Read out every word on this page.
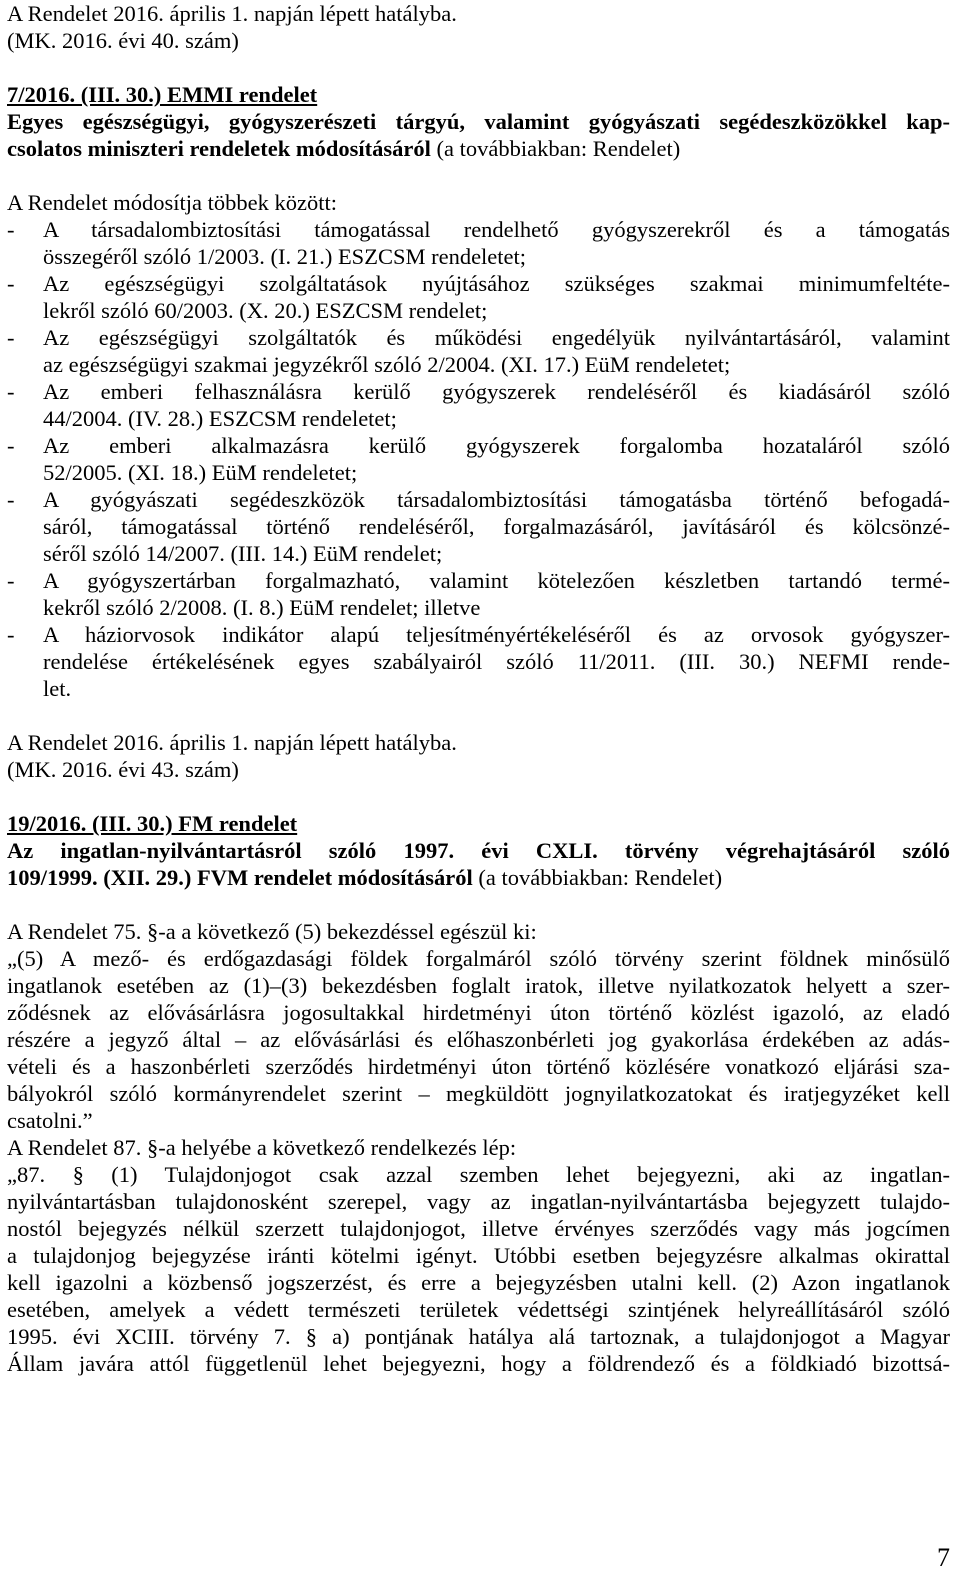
A Rendelet 2016. április 1. napján lépett hatályba.
(MK. 2016. évi 40. szám)
7/2016. (III. 30.) EMMI rendelet
Egyes egészségügyi, gyógyszerészeti tárgyú, valamint gyógyászati segédeszközökkel kap-
csolatos miniszteri rendeletek módosításáról (a továbbiakban: Rendelet)
A Rendelet módosítja többek között:
- A társadalombiztosítási támogatással rendelhető gyógyszerekről és a támogatás
összegéről szóló 1/2003. (I. 21.) ESZCSM rendeletet;
- Az egészségügyi szolgáltatások nyújtásához szükséges szakmai minimumfeltéte-
lekről szóló 60/2003. (X. 20.) ESZCSM rendelet;
- Az egészségügyi szolgáltatók és működési engedélyük nyilvántartásáról, valamint
az egészségügyi szakmai jegyzékről szóló 2/2004. (XI. 17.) EüM rendeletet;
- Az emberi felhasználásra kerülő gyógyszerek rendeléséről és kiadásáról szóló
44/2004. (IV. 28.) ESZCSM rendeletet;
- Az emberi alkalmazásra kerülő gyógyszerek forgalomba hozataláról szóló
52/2005. (XI. 18.) EüM rendeletet;
- A gyógyászati segédeszközök társadalombiztosítási támogatásba történő befogadá-
sáról, támogatással történő rendeléséről, forgalmazásáról, javításáról és kölcsönzé-
séről szóló 14/2007. (III. 14.) EüM rendelet;
- A gyógyszertárban forgalmazható, valamint kötelezően készletben tartandó termé-
kekről szóló 2/2008. (I. 8.) EüM rendelet; illetve
- A háziorvosok indikátor alapú teljesítményértékeléséről és az orvosok gyógyszer-
rendelése értékelésének egyes szabályairól szóló 11/2011. (III. 30.) NEFMI rende-
let.
A Rendelet 2016. április 1. napján lépett hatályba.
(MK. 2016. évi 43. szám)
19/2016. (III. 30.) FM rendelet
Az ingatlan-nyilvántartásról szóló 1997. évi CXLI. törvény végrehajtásáról szóló
109/1999. (XII. 29.) FVM rendelet módosításáról (a továbbiakban: Rendelet)
A Rendelet 75. §-a a következő (5) bekezdéssel egészül ki:
„(5) A mező- és erdőgazdasági földek forgalmáról szóló törvény szerint földnek minősülő
ingatlanok esetében az (1)–(3) bekezdésben foglalt iratok, illetve nyilatkozatok helyett a szer-
ződésnek az elővásárlásra jogosultakkal hirdetményi úton történő közlést igazoló, az eladó
részére a jegyző által – az elővásárlási és előhaszonbérleti jog gyakorlása érdekében az adás-
vételi és a haszonbérleti szerződés hirdetményi úton történő közlésére vonatkozó eljárási sza-
bályokról szóló kormányrendelet szerint – megküldött jognyilatkozatokat és iratjegyzéket kell
csatolni.”
A Rendelet 87. §-a helyébe a következő rendelkezés lép:
„87. § (1) Tulajdonjogot csak azzal szemben lehet bejegyezni, aki az ingatlan-
nyilvántartásban tulajdonosként szerepel, vagy az ingatlan-nyilvántartásba bejegyzett tulajdo-
nostól bejegyzés nélkül szerzett tulajdonjogot, illetve érvényes szerződés vagy más jogcímen
a tulajdonjog bejegyzése iránti kötelmi igényt. Utóbbi esetben bejegyzésre alkalmas okirattal
kell igazolni a közbenső jogszerzést, és erre a bejegyzésben utalni kell. (2) Azon ingatlanok
esetében, amelyek a védett természeti területek védettségi szintjének helyreállításáról szóló
1995. évi XCIII. törvény 7. § a) pontjának hatálya alá tartoznak, a tulajdonjogot a Magyar
Állam javára attól függetlenül lehet bejegyezni, hogy a földrendező és a földkiadó bizottsá-
7
